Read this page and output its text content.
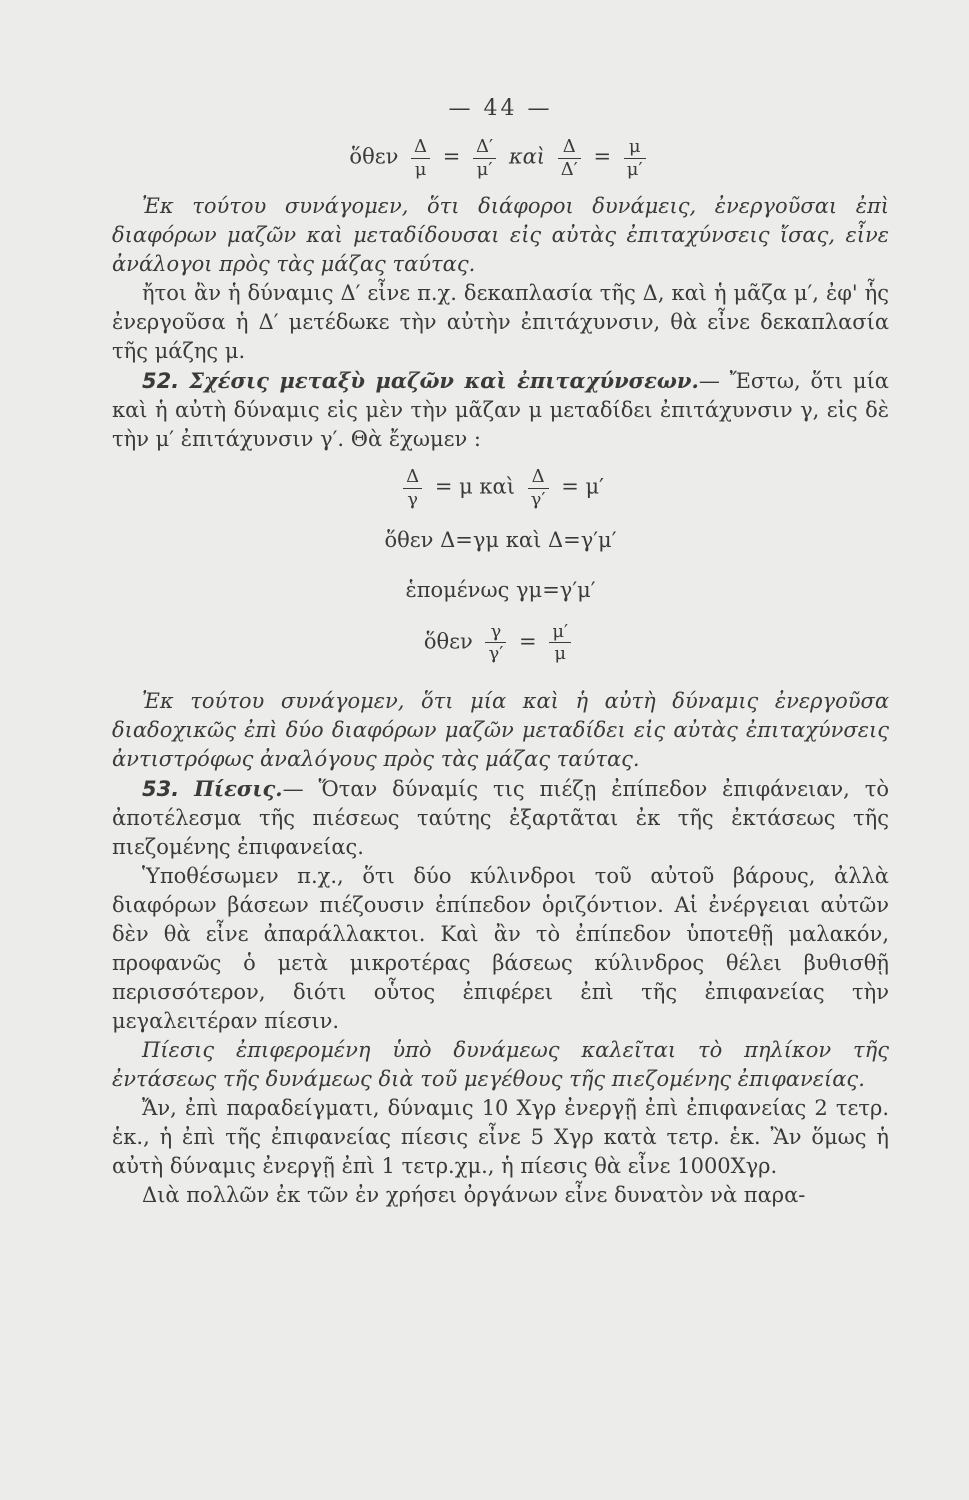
— 44 —
ὅθεν $\frac{\Delta}{\mu} = \frac{\Delta'}{\mu'}$ καὶ $\frac{\Delta}{\Delta'} = \frac{\mu}{\mu'}$

Ἐκ τούτου συνάγομεν, ὅτι διάφοροι δυνάμεις, ἐνεργοῦσαι ἐπὶ διαφόρων μαζῶν καὶ μεταδίδουσαι εἰς αὐτὰς ἐπιταχύνσεις ἴσας, εἶνε ἀνάλογοι πρὸς τὰς μάζας ταύτας.

ἤτοι ἂν ἡ δύναμις Δ′ εἶνε π.χ. δεκαπλασία τῆς Δ, καὶ ἡ μᾶζα μ′, ἐφ' ἧς ἐνεργοῦσα ἡ Δ′ μετέδωκε τὴν αὐτὴν ἐπιτάχυνσιν, θὰ εἶνε δεκαπλασία τῆς μάζης μ.

52. Σχέσις μεταξὺ μαζῶν καὶ ἐπιταχύνσεων.— Ἔστω, ὅτι μία καὶ ἡ αὐτὴ δύναμις εἰς μὲν τὴν μᾶζαν μ μεταδίδει ἐπιτάχυνσιν γ, εἰς δὲ τὴν μ′ ἐπιτάχυνσιν γ′. Θὰ ἔχωμεν :

$\frac{\Delta}{\gamma} = \mu$ καὶ $\frac{\Delta}{\gamma'} = \mu'$
ὅθεν Δ=γμ καὶ Δ=γ′μ′
ἑπομένως γμ=γ′μ′
ὅθεν $\frac{\gamma}{\gamma'} = \frac{\mu'}{\mu}$

Ἐκ τούτου συνάγομεν, ὅτι μία καὶ ἡ αὐτὴ δύναμις ἐνεργοῦσα διαδοχικῶς ἐπὶ δύο διαφόρων μαζῶν μεταδίδει εἰς αὐτὰς ἐπιταχύνσεις ἀντιστρόφως ἀναλόγους πρὸς τὰς μάζας ταύτας.

53. Πίεσις.— Ὅταν δύναμίς τις πιέζῃ ἐπίπεδον ἐπιφάνειαν, τὸ ἀποτέλεσμα τῆς πιέσεως ταύτης ἐξαρτᾶται ἐκ τῆς ἐκτάσεως τῆς πιεζομένης ἐπιφανείας.

Ὑποθέσωμεν π.χ., ὅτι δύο κύλινδροι τοῦ αὐτοῦ βάρους, ἀλλὰ διαφόρων βάσεων πιέζουσιν ἐπίπεδον ὁριζόντιον. Αἱ ἐνέργειαι αὐτῶν δὲν θὰ εἶνε ἀπαράλλακτοι. Καὶ ἂν τὸ ἐπίπεδον ὑποτεθῇ μαλακόν, προφανῶς ὁ μετὰ μικροτέρας βάσεως κύλινδρος θέλει βυθισθῇ περισσότερον, διότι οὗτος ἐπιφέρει ἐπὶ τῆς ἐπιφανείας τὴν μεγαλειτέραν πίεσιν.

Πίεσις ἐπιφερομένη ὑπὸ δυνάμεως καλεῖται τὸ πηλίκον τῆς ἐντάσεως τῆς δυνάμεως διὰ τοῦ μεγέθους τῆς πιεζομένης ἐπιφανείας.

Ἄν, ἐπὶ παραδείγματι, δύναμις 10 Χγρ ἐνεργῇ ἐπὶ ἐπιφανείας 2 τετρ. ἑκ., ἡ ἐπὶ τῆς ἐπιφανείας πίεσις εἶνε 5 Χγρ κατὰ τετρ. ἑκ. Ἂν ὅμως ἡ αὐτὴ δύναμις ἐνεργῇ ἐπὶ 1 τετρ.χμ., ἡ πίεσις θὰ εἶνε 1000Χγρ.

Διὰ πολλῶν ἐκ τῶν ἐν χρήσει ὀργάνων εἶνε δυνατὸν νὰ παρα-
